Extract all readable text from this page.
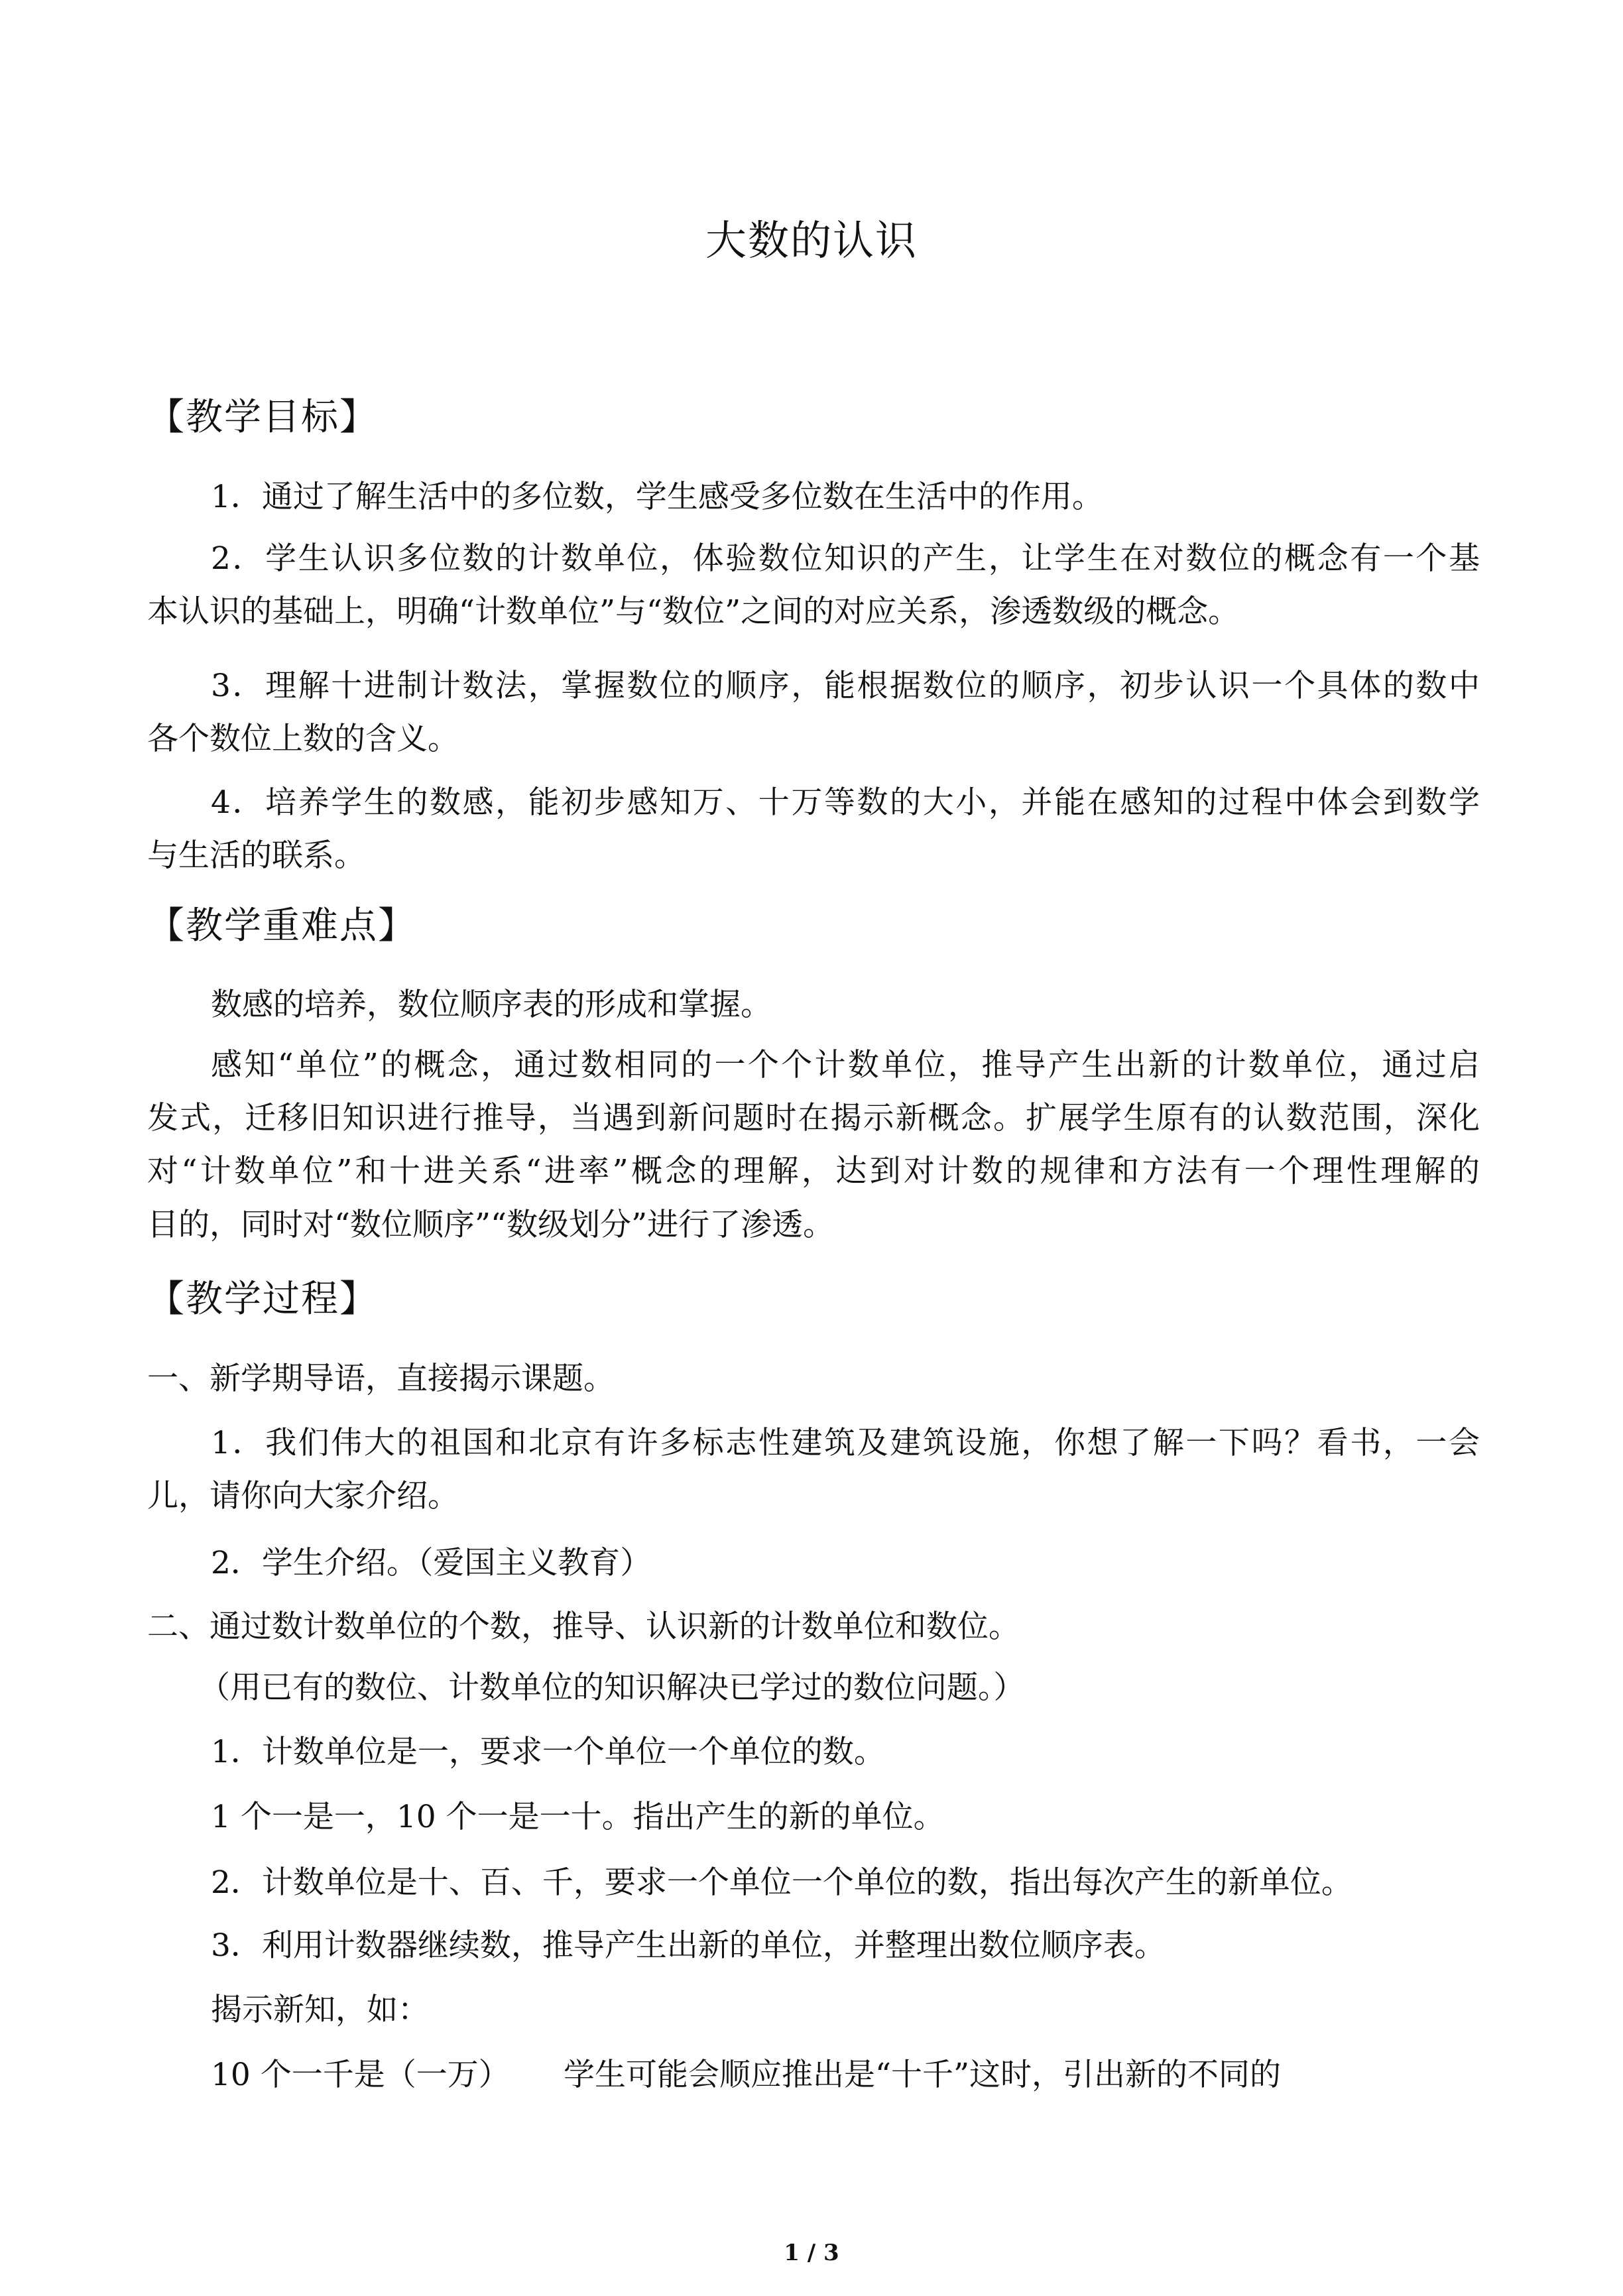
大数的认识
【教学目标】
1．通过了解生活中的多位数，学生感受多位数在生活中的作用。
2．学生认识多位数的计数单位，体验数位知识的产生，让学生在对数位的概念有一个基
本认识的基础上，明确“计数单位”与“数位”之间的对应关系，渗透数级的概念。
3．理解十进制计数法，掌握数位的顺序，能根据数位的顺序，初步认识一个具体的数中
各个数位上数的含义。
4．培养学生的数感，能初步感知万、十万等数的大小，并能在感知的过程中体会到数学
与生活的联系。
【教学重难点】
数感的培养，数位顺序表的形成和掌握。
感知“单位”的概念，通过数相同的一个个计数单位，推导产生出新的计数单位，通过启
发式，迁移旧知识进行推导，当遇到新问题时在揭示新概念。扩展学生原有的认数范围，深化
对“计数单位”和十进关系“进率”概念的理解，达到对计数的规律和方法有一个理性理解的
目的，同时对“数位顺序”“数级划分”进行了渗透。
【教学过程】
一、新学期导语，直接揭示课题。
1．我们伟大的祖国和北京有许多标志性建筑及建筑设施，你想了解一下吗？看书，一会
儿，请你向大家介绍。
2．学生介绍。（爱国主义教育）
二、通过数计数单位的个数，推导、认识新的计数单位和数位。
（用已有的数位、计数单位的知识解决已学过的数位问题。）
1．计数单位是一，要求一个单位一个单位的数。
1 个一是一，10 个一是一十。指出产生的新的单位。
2．计数单位是十、百、千，要求一个单位一个单位的数，指出每次产生的新单位。
3．利用计数器继续数，推导产生出新的单位，并整理出数位顺序表。
揭示新知，如：
10 个一千是（一万） 学生可能会顺应推出是“十千”这时，引出新的不同的
1 / 3
